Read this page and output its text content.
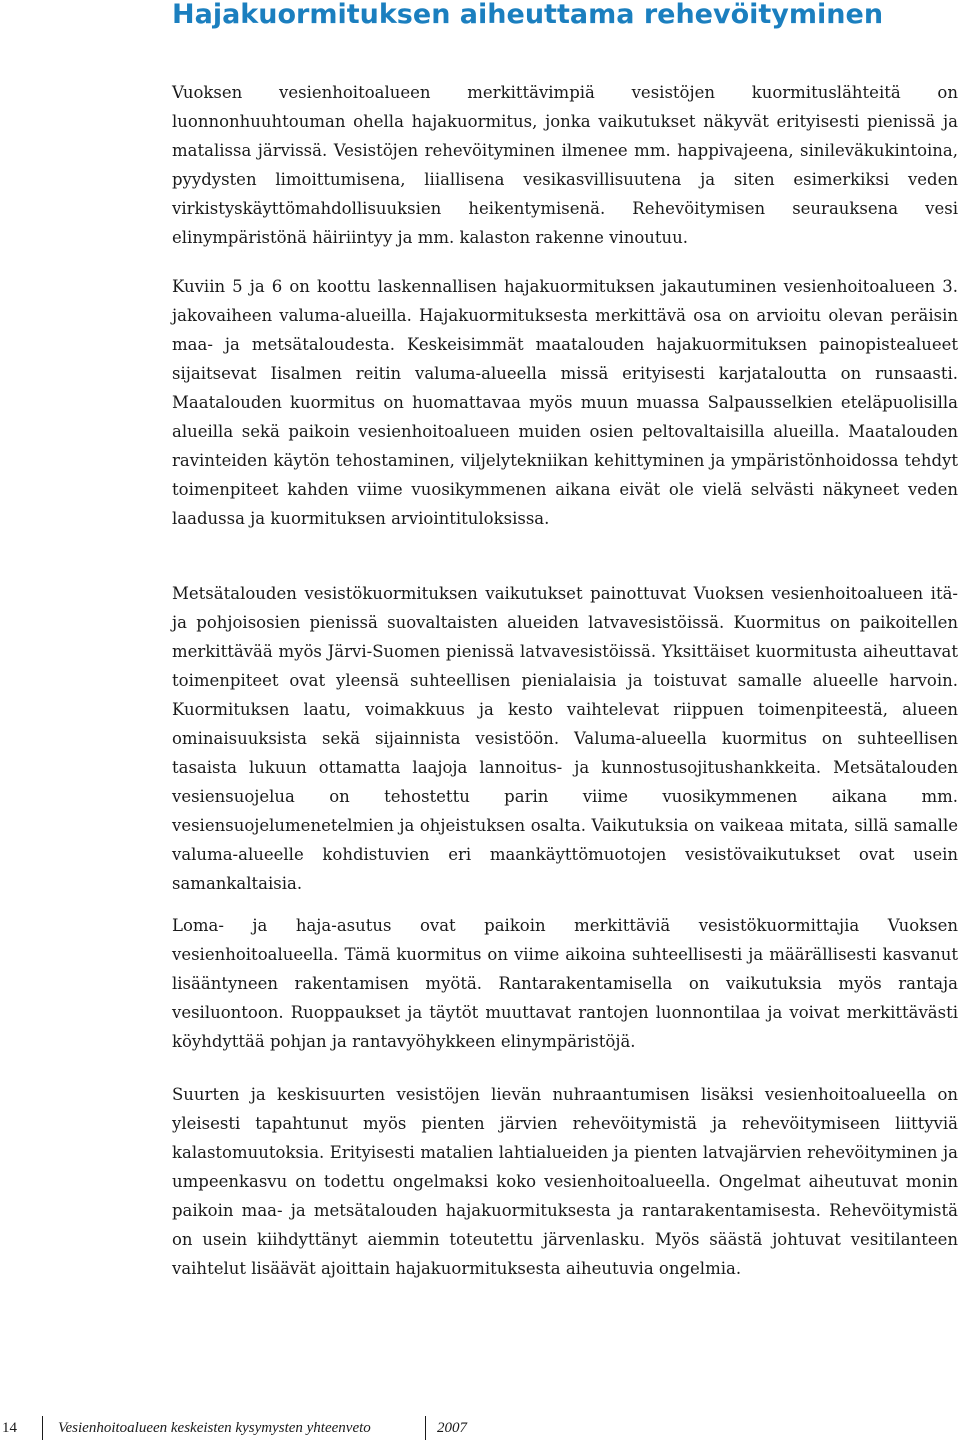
Hajakuormituksen aiheuttama rehevöityminen

Vuoksen vesienhoitoalueen merkittävimpiä vesistöjen kuormituslähteitä on luonnonhuuhtouman ohella hajakuormitus, jonka vaikutukset näkyvät erityisesti pienissä ja matalissa järvissä. Vesistöjen rehevöityminen ilmenee mm. happivajeena, sinileväkukintoina, pyydysten limoittumisena, liiallisena vesikasvillisuutena ja siten esimerkiksi veden virkistyskäyttömahdollisuuksien heikentymisenä. Rehevöitymisen seurauksena vesi elinympäristönä häiriintyy ja mm. kalaston rakenne vinoutuu.

Kuviin 5 ja 6 on koottu laskennallisen hajakuormituksen jakautuminen vesienhoitoalueen 3. jakovaiheen valuma-alueilla. Hajakuormituksesta merkittävä osa on arvioitu olevan peräisin maa- ja metsätaloudesta. Keskeisimmät maatalouden hajakuormituksen painopistealueet sijaitsevat Iisalmen reitin valuma-alueella missä erityisesti karjataloutta on runsaasti. Maatalouden kuormitus on huomattavaa myös muun muassa Salpausselkien eteläpuolisilla alueilla sekä paikoin vesienhoitoalueen muiden osien peltovaltaisilla alueilla. Maatalouden ravinteiden käytön tehostaminen, viljelytekniikan kehittyminen ja ympäristönhoidossa tehdyt toimenpiteet kahden viime vuosikymmenen aikana eivät ole vielä selvästi näkyneet veden laadussa ja kuormituksen arviointituloksissa.

Metsätalouden vesistökuormituksen vaikutukset painottuvat Vuoksen vesienhoitoalueen itä- ja pohjoisosien pienissä suovaltaisten alueiden latvavesistöissä. Kuormitus on paikoitellen merkittävää myös Järvi-Suomen pienissä latvavesistöissä. Yksittäiset kuormitusta aiheuttavat toimenpiteet ovat yleensä suhteellisen pienialaisia ja toistuvat samalle alueelle harvoin. Kuormituksen laatu, voimakkuus ja kesto vaihtelevat riippuen toimenpiteestä, alueen ominaisuuksista sekä sijainnista vesistöön. Valuma-alueella kuormitus on suhteellisen tasaista lukuun ottamatta laajoja lannoitus- ja kunnostusojitushankkeita. Metsätalouden vesiensuojelua on tehostettu parin viime vuosikymmenen aikana mm. vesiensuojelumenetelmien ja ohjeistuksen osalta. Vaikutuksia on vaikeaa mitata, sillä samalle valuma-alueelle kohdistuvien eri maankäyttömuotojen vesistövaikutukset ovat usein samankaltaisia.

Loma- ja haja-asutus ovat paikoin merkittäviä vesistökuormittajia Vuoksen vesienhoitoalueella. Tämä kuormitus on viime aikoina suhteellisesti ja määrällisesti kasvanut lisääntyneen rakentamisen myötä. Rantarakentamisella on vaikutuksia myös rantaja vesiluontoon. Ruoppaukset ja täytöt muuttavat rantojen luonnontilaa ja voivat merkittävästi köyhdyttää pohjan ja rantavyöhykkeen elinympäristöjä.

Suurten ja keskisuurten vesistöjen lievän nuhraantumisen lisäksi vesienhoitoalueella on yleisesti tapahtunut myös pienten järvien rehevöitymistä ja rehevöitymiseen liittyviä kalastomuutoksia. Erityisesti matalien lahtialueiden ja pienten latvajärvien rehevöityminen ja umpeenkasvu on todettu ongelmaksi koko vesienhoitoalueella. Ongelmat aiheutuvat monin paikoin maa- ja metsätalouden hajakuormituksesta ja rantarakentamisesta. Rehevöitymistä on usein kiihdyttänyt aiemmin toteutettu järvenlasku. Myös säästä johtuvat vesitilanteen vaihtelut lisäävät ajoittain hajakuormituksesta aiheutuvia ongelmia.

14	Vesienhoitoalueen keskeisten kysymysten yhteenveto	2007
